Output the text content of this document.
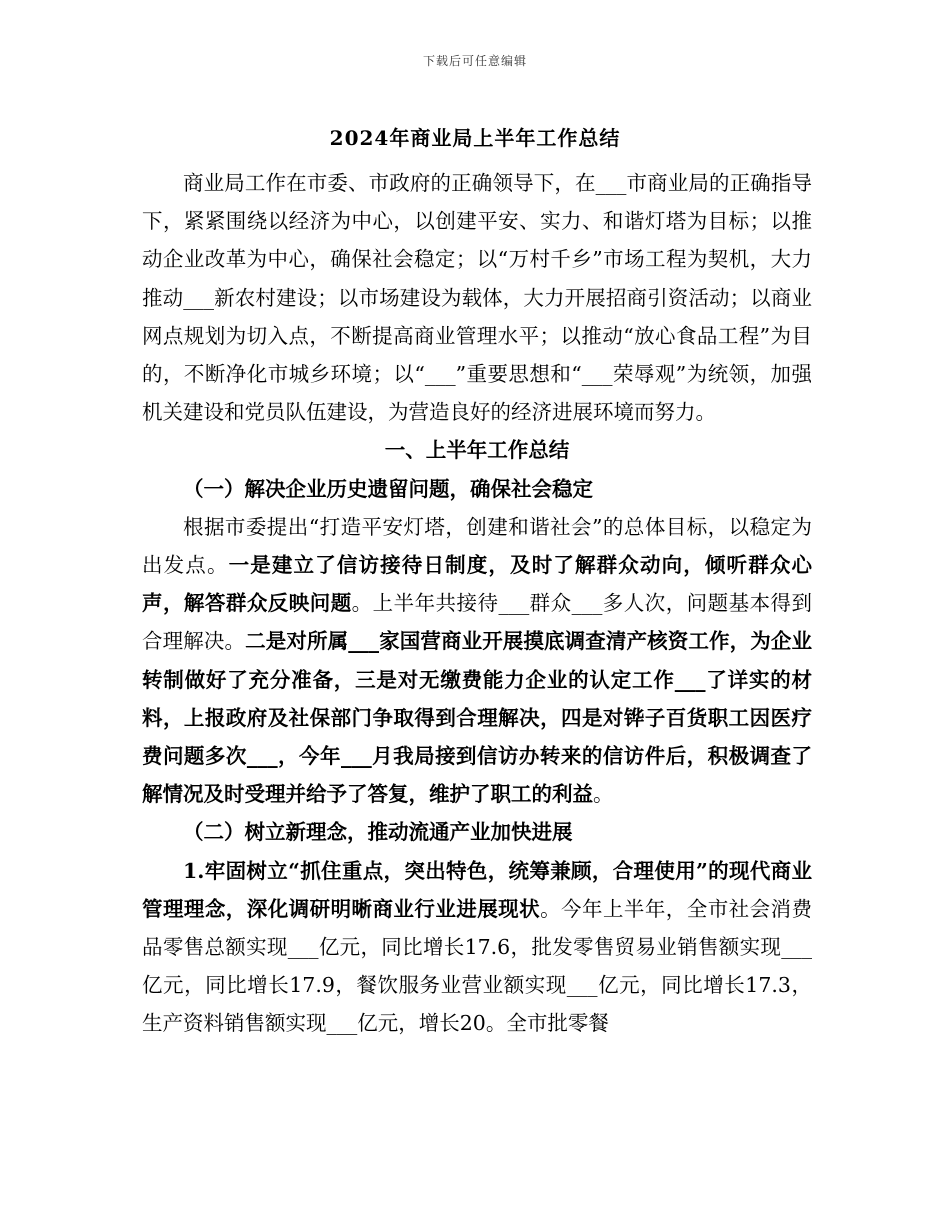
下载后可任意编辑
2024年商业局上半年工作总结

商业局工作在市委、市政府的正确领导下，在___市商业局的正确指导下，紧紧围绕以经济为中心，以创建平安、实力、和谐灯塔为目标；以推动企业改革为中心，确保社会稳定；以“万村千乡”市场工程为契机，大力推动___新农村建设；以市场建设为载体，大力开展招商引资活动；以商业网点规划为切入点，不断提高商业管理水平；以推动“放心食品工程”为目的，不断净化市城乡环境；以“___”重要思想和“___荣辱观”为统领，加强机关建设和党员队伍建设，为营造良好的经济进展环境而努力。

一、上半年工作总结

（一）解决企业历史遗留问题，确保社会稳定

根据市委提出“打造平安灯塔，创建和谐社会”的总体目标，以稳定为出发点。一是建立了信访接待日制度，及时了解群众动向，倾听群众心声，解答群众反映问题。上半年共接待___群众___多人次，问题基本得到合理解决。二是对所属___家国营商业开展摸底调查清产核资工作，为企业转制做好了充分准备，三是对无缴费能力企业的认定工作___了详实的材料，上报政府及社保部门争取得到合理解决，四是对铧子百货职工因医疗费问题多次___，今年___月我局接到信访办转来的信访件后，积极调查了解情况及时受理并给予了答复，维护了职工的利益。

（二）树立新理念，推动流通产业加快进展

1.牢固树立“抓住重点，突出特色，统筹兼顾，合理使用”的现代商业管理理念，深化调研明晰商业行业进展现状。今年上半年，全市社会消费品零售总额实现___亿元，同比增长17.6，批发零售贸易业销售额实现___亿元，同比增长17.9，餐饮服务业营业额实现___亿元，同比增长17.3，生产资料销售额实现___亿元，增长20。全市批零餐
